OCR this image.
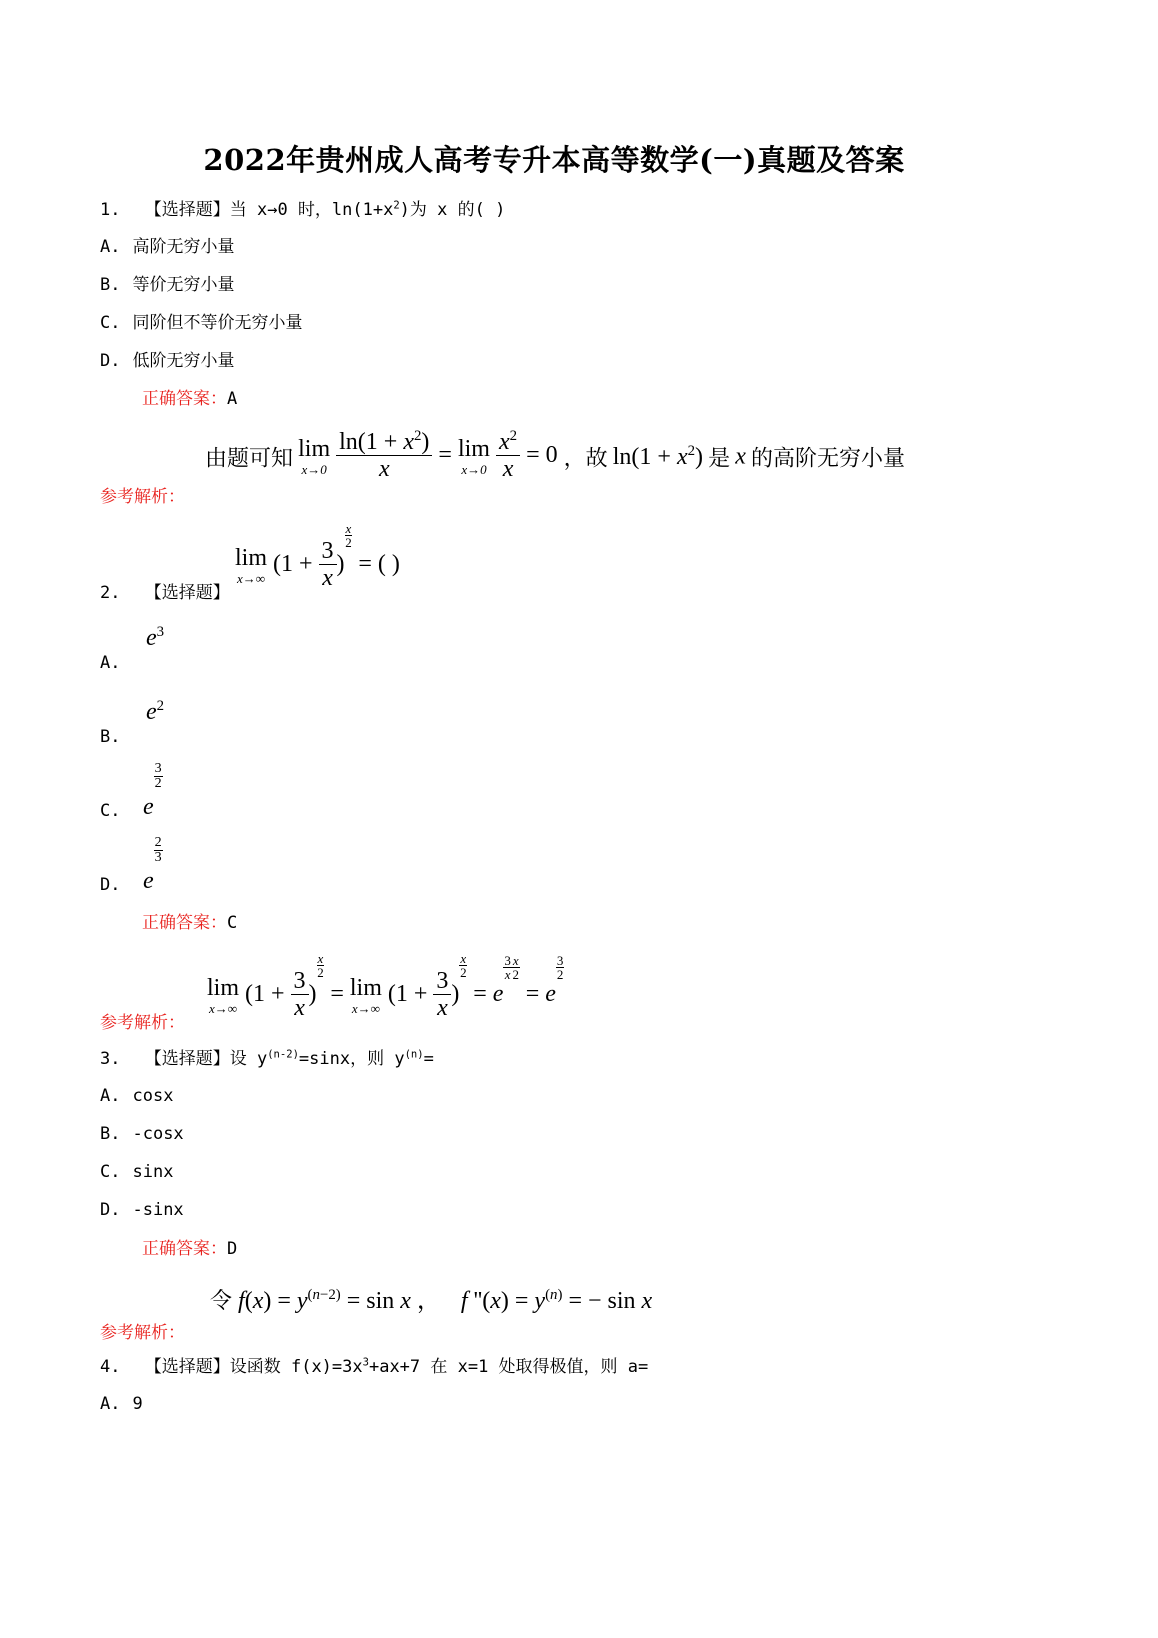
2022年贵州成人高考专升本高等数学(一)真题及答案
1. 【选择题】当 x→0 时，$\ln(1+x^2)$为 x 的( )
A. 高阶无穷小量
B. 等价无穷小量
C. 同阶但不等价无穷小量
D. 低阶无穷小量
正确答案：A
由题可知 lim
x→0
$\frac{\ln(1 + x^2)}{x} = \lim$
x→0
$\frac{x^2}{x} = 0$ ，故 $\ln(1 + x^2)$ 是 x 的高阶无穷小量
参考解析：
lim
x→∞
($1 + \frac{3}{x}$ )
$\frac{x}{2}$
= ( )
2. 【选择题】
$e^3$
A.
$e^2$
B.
e
$\frac{3}{2}$
C.
e
$\frac{2}{3}$
D.
正确答案：C
lim
x→∞
($1 + \frac{3}{x}$ )
$\frac{x}{2}$
= lim
x→∞
($1 + \frac{3}{x}$ )
$\frac{x}{2}$
= e
$\frac{3}{x} \frac{x}{2}$
= e
$\frac{3}{2}$
参考解析：
3. 【选择题】设 $y^{(n-2)}=\sin x$，则 $y^{(n)}=$
A. cosx
B. -cosx
C. sinx
D. -sinx
正确答案：D
令 $f(x) = y^{(n-2)} = \sin x$ ， f ''$(x) = y^{(n)}$ = − sin x
参考解析：
4. 【选择题】设函数 $f(x)=3x^3+ax+7$ 在 x=1 处取得极值，则 a=
A. 9
